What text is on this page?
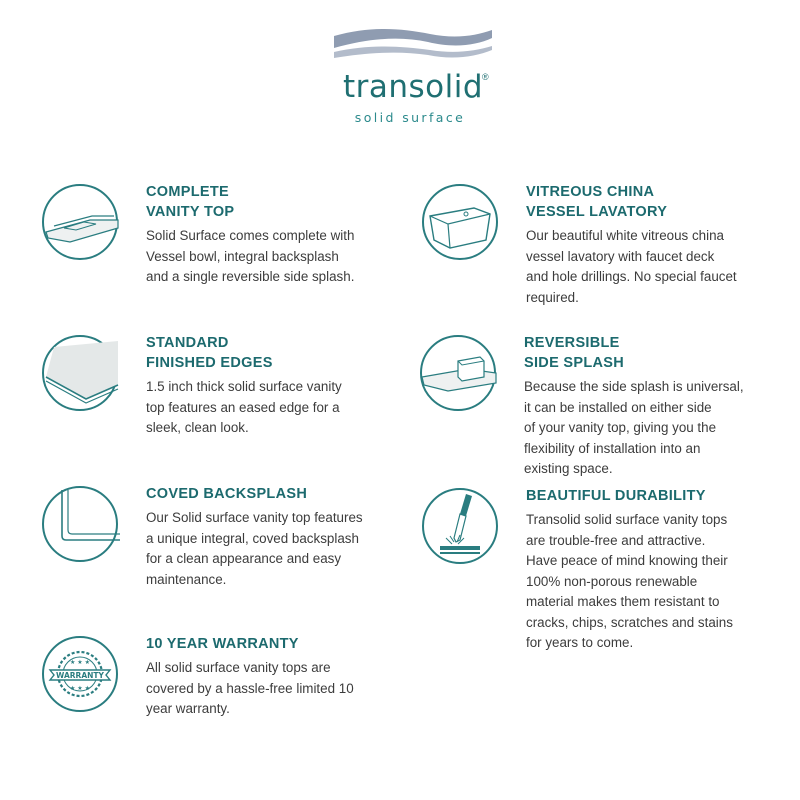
transolid
®
solid surface

COMPLETE
VANITY TOP

Solid Surface comes complete with
Vessel bowl, integral backsplash
and a single reversible side splash.

VITREOUS CHINA
VESSEL LAVATORY

Our beautiful white vitreous china
vessel lavatory with faucet deck
and hole drillings. No special faucet
required.

STANDARD
FINISHED EDGES

1.5 inch thick solid surface vanity
top features an eased edge for a
sleek, clean look.

REVERSIBLE
SIDE SPLASH

Because the side splash is universal,
it can be installed on either side
of your vanity top, giving you the
flexibility of installation into an
existing space.

COVED BACKSPLASH

Our Solid surface vanity top features
a unique integral, coved backsplash
for a clean appearance and easy
maintenance.

BEAUTIFUL DURABILITY

Transolid solid surface vanity tops
are trouble-free and attractive.
Have peace of mind knowing their
100% non-porous renewable
material makes them resistant to
cracks, chips, scratches and stains
for years to come.

★ ★ ★
★ ★ ★
WARRANTY

10 YEAR WARRANTY

All solid surface vanity tops are
covered by a hassle-free limited 10
year warranty.
